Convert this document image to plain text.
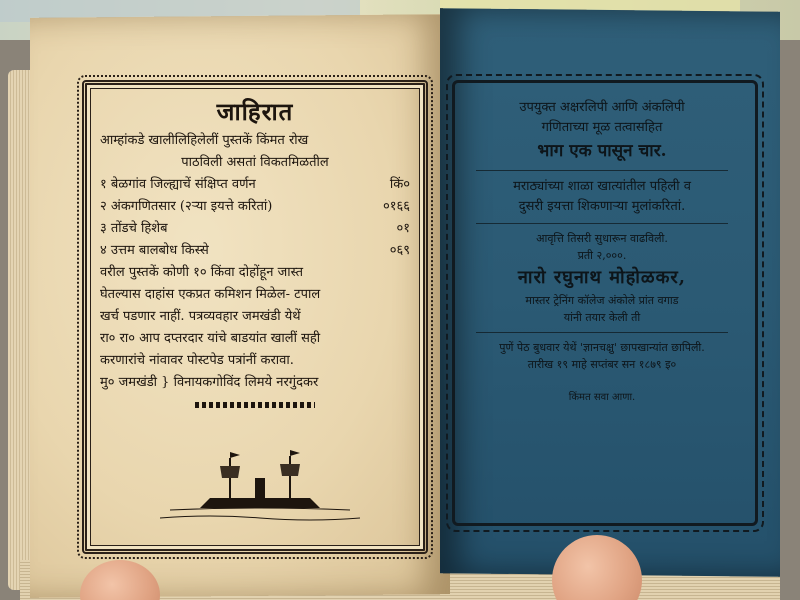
जाहिरात
आम्हांकडे खालीलिहिलेलीं पुस्तकें किंमत रोख
पाठविली असतां विकतमिळतील
१ बेळगांव जिल्ह्याचें संक्षिप्त वर्णन	किं०
२ अंकगणितसार (२ऱ्या इयत्ते करितां)	०१६६
३ तोंडचे हिशेब	०१
४ उत्तम बालबोध किस्से	०६९
वरील पुस्तकें कोणी १० किंवा दोहोंहून जास्त
घेतल्यास दाहांस एकप्रत कमिशन मिळेल- टपाल
खर्च पडणार नाहीं. पत्रव्यवहार जमखंडी येथें
रा० रा० आप दप्तरदार यांचे बाडयांत खालीं सही
करणारांचे नांवावर पोस्टपेड पत्रांनीं करावा.
मु० जमखंडी } विनायकगोविंद लिमये नरगुंदकर
उपयुक्त अक्षरलिपी आणि अंकलिपी
गणिताच्या मूळ तत्वासहित
भाग एक पासून चार.
मराठ्यांच्या शाळा खात्यांतील पहिली व
दुसरी इयत्ता शिकणाऱ्या मुलांकरितां.
आवृत्ति तिसरी सुधारून वाढविली.
प्रती २,०००.
नारो रघुनाथ मोहोळकर,
मास्तर ट्रेनिंग कॉलेज अंकोले प्रांत वगाड
यांनी तयार केली ती
पुणें पेठ बुधवार येथें 'ज्ञानचक्षु' छापखान्यांत छापिली.
तारीख १९ माहे सप्तंबर सन १८७९ इ०
किंमत सवा आणा.
